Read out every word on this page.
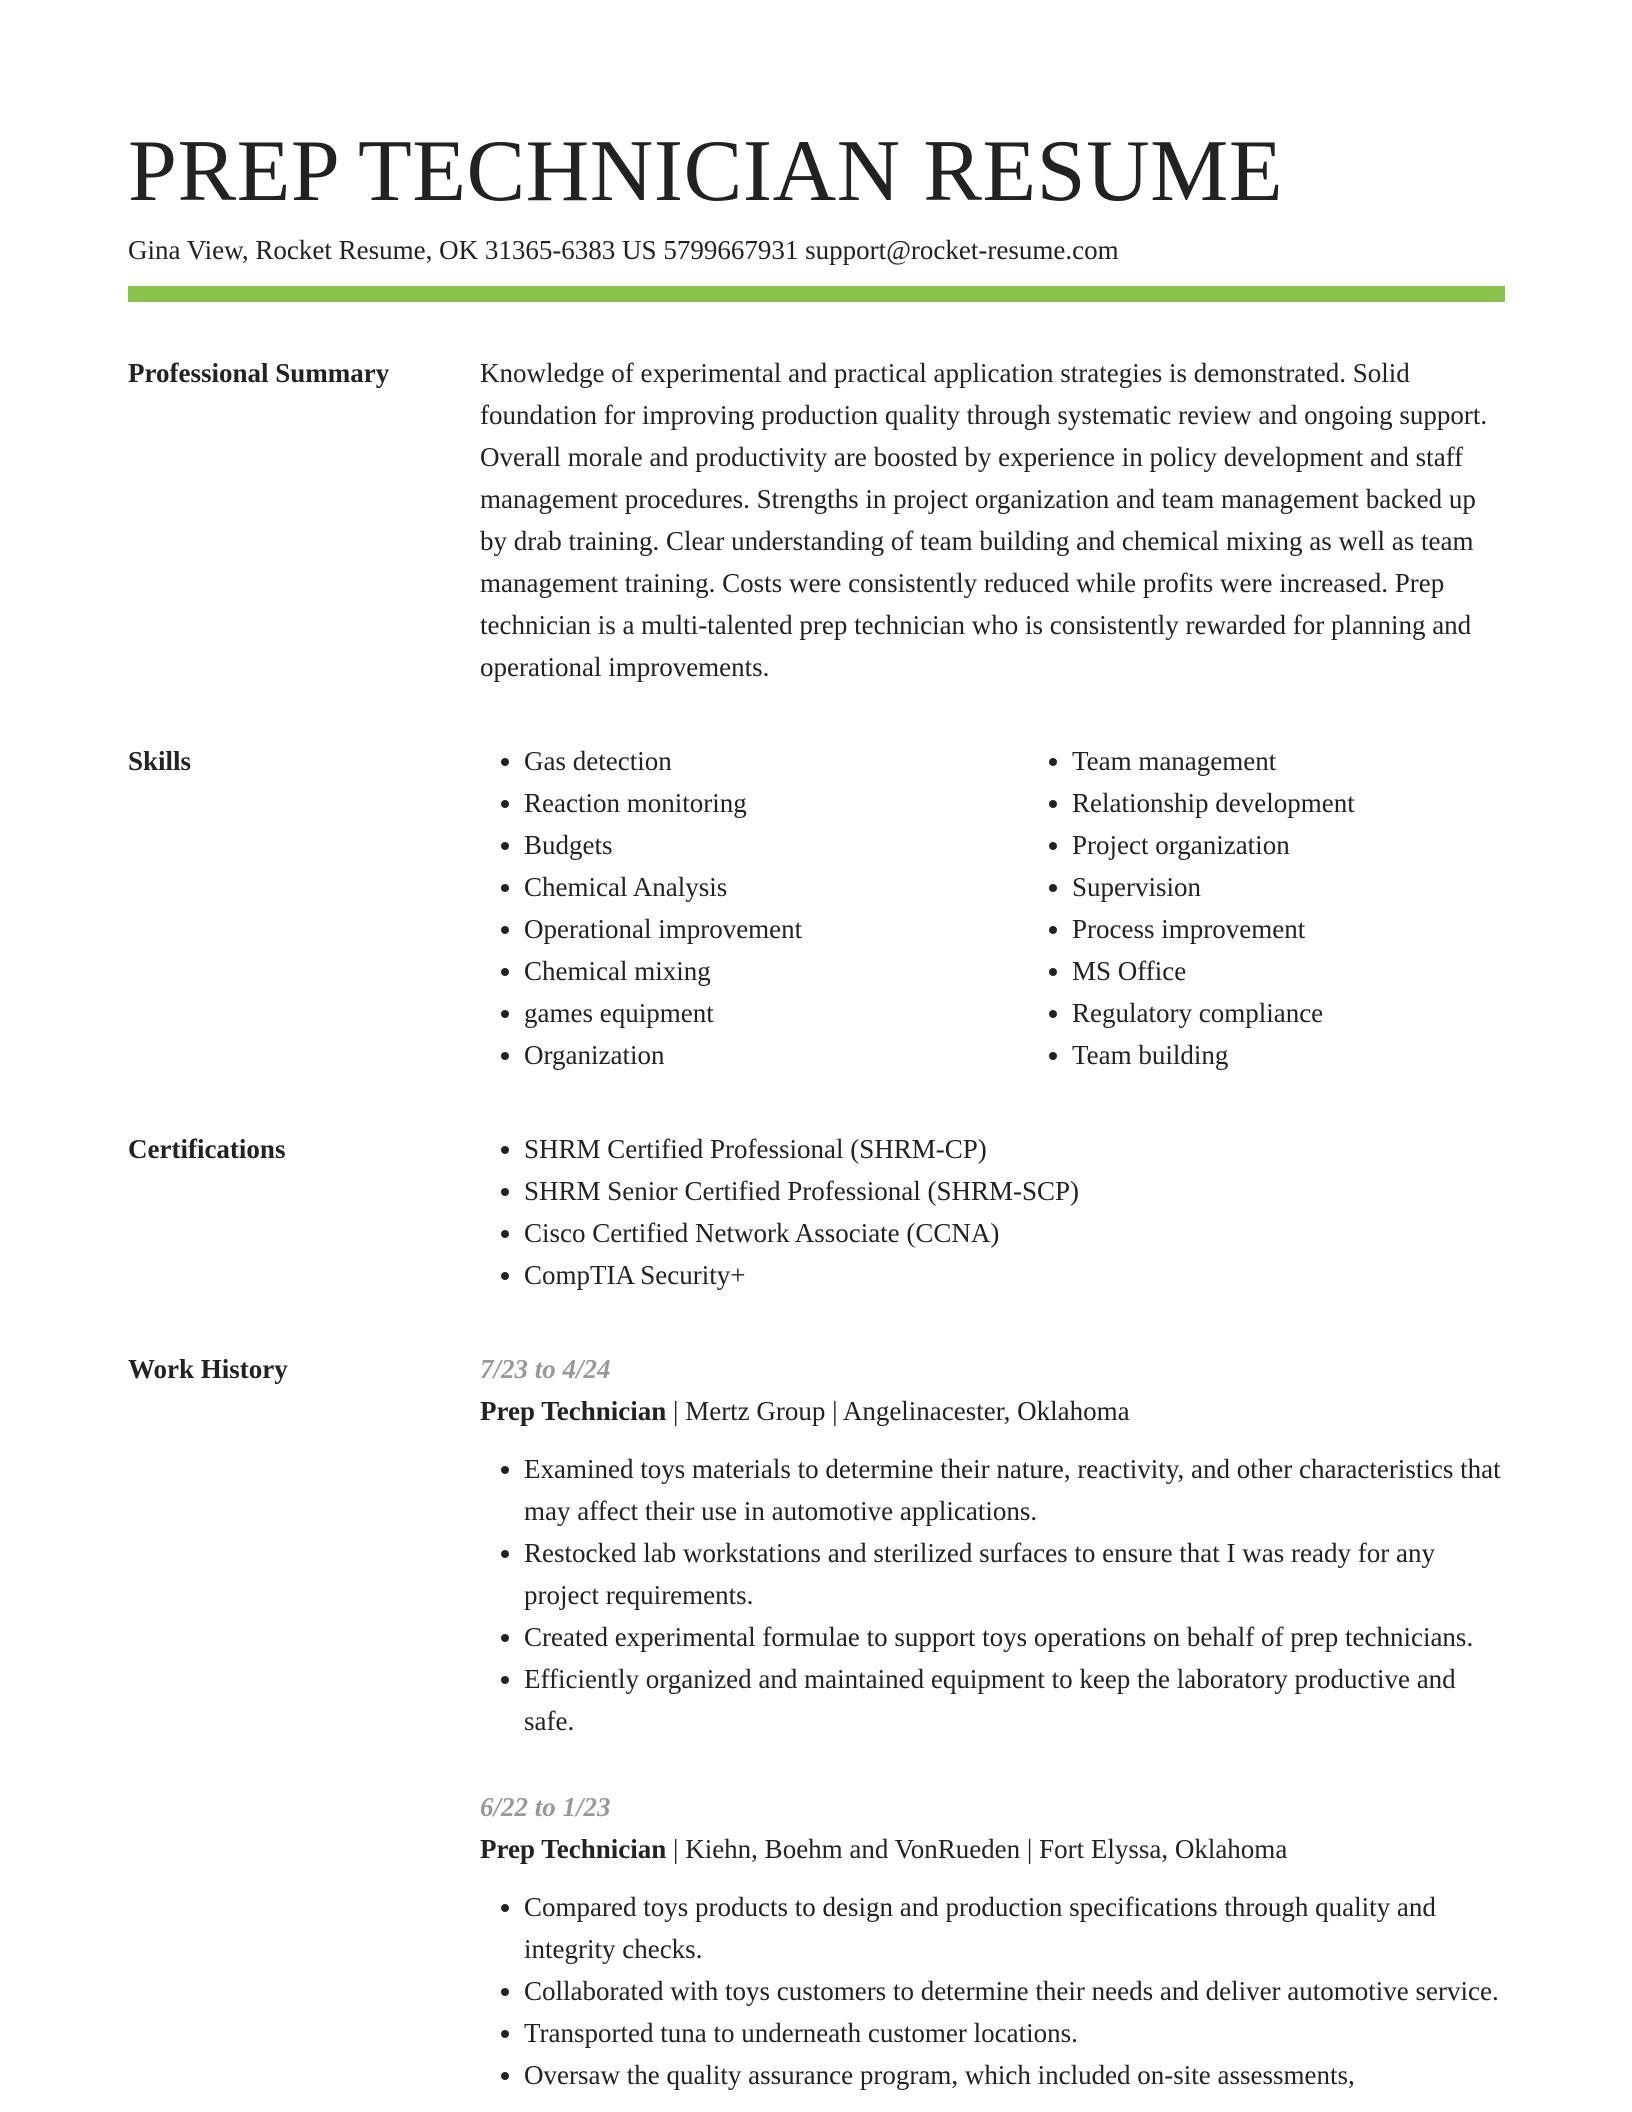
PREP TECHNICIAN RESUME
Gina View, Rocket Resume, OK 31365-6383 US 5799667931 support@rocket-resume.com
Professional Summary	Knowledge of experimental and practical application strategies is demonstrated. Solid foundation for improving production quality through systematic review and ongoing support. Overall morale and productivity are boosted by experience in policy development and staff management procedures. Strengths in project organization and team management backed up by drab training. Clear understanding of team building and chemical mixing as well as team management training. Costs were consistently reduced while profits were increased. Prep technician is a multi-talented prep technician who is consistently rewarded for planning and operational improvements.

Skills	• Gas detection
• Reaction monitoring
• Budgets
• Chemical Analysis
• Operational improvement
• Chemical mixing
• games equipment
• Organization
• Team management
• Relationship development
• Project organization
• Supervision
• Process improvement
• MS Office
• Regulatory compliance
• Team building
Certifications	• SHRM Certified Professional (SHRM-CP)
• SHRM Senior Certified Professional (SHRM-SCP)
• Cisco Certified Network Associate (CCNA)
• CompTIA Security+
Work History	7/23 to 4/24
Prep Technician | Mertz Group | Angelinacester, Oklahoma
• Examined toys materials to determine their nature, reactivity, and other characteristics that may affect their use in automotive applications.
• Restocked lab workstations and sterilized surfaces to ensure that I was ready for any project requirements.
• Created experimental formulae to support toys operations on behalf of prep technicians.
• Efficiently organized and maintained equipment to keep the laboratory productive and safe.
6/22 to 1/23
Prep Technician | Kiehn, Boehm and VonRueden | Fort Elyssa, Oklahoma
• Compared toys products to design and production specifications through quality and integrity checks.
• Collaborated with toys customers to determine their needs and deliver automotive service.
• Transported tuna to underneath customer locations.
• Oversaw the quality assurance program, which included on-site assessments,
